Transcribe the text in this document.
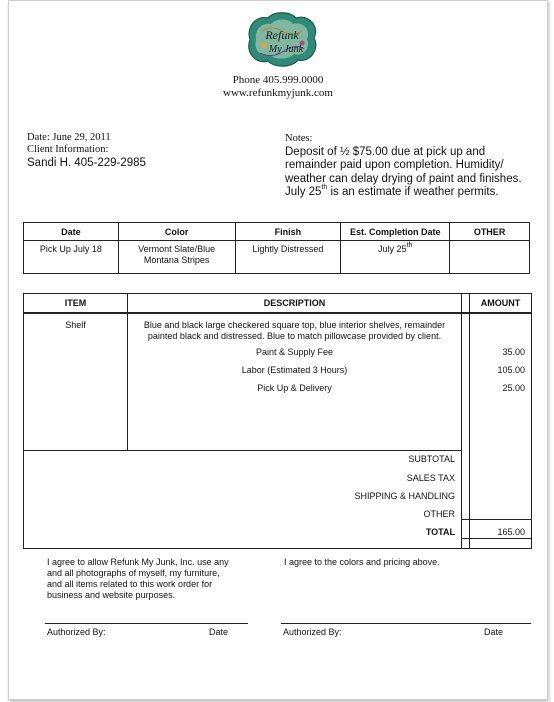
Refunk
My Junk
Phone 405.999.0000
www.refunkmyjunk.com
Date: June 29, 2011
Client Information:
Sandi H. 405-229-2985
Notes:
Deposit of ½ $75.00 due at pick up and
remainder paid upon completion. Humidity/
weather can delay drying of paint and finishes.
July 25th is an estimate if weather permits.
Date	Color	Finish	Est. Completion Date	OTHER
Pick Up July 18	Vermont Slate/Blue
Montana Stripes	Lightly Distressed	July 25th	
ITEM	DESCRIPTION	AMOUNT
Shelf	Blue and black large checkered square top, blue interior shelves, remainder
painted black and distressed. Blue to match pillowcase provided by client.
Paint & Supply Fee	35.00
Labor (Estimated 3 Hours)	105.00
Pick Up & Delivery	25.00
SUBTOTAL
SALES TAX
SHIPPING & HANDLING
OTHER
TOTAL	165.00
I agree to allow Refunk My Junk, Inc. use any
and all photographs of myself, my furniture,
and all items related to this work order for
business and website purposes.
I agree to the colors and pricing above.
Authorized By:	Date	Authorized By:	Date
